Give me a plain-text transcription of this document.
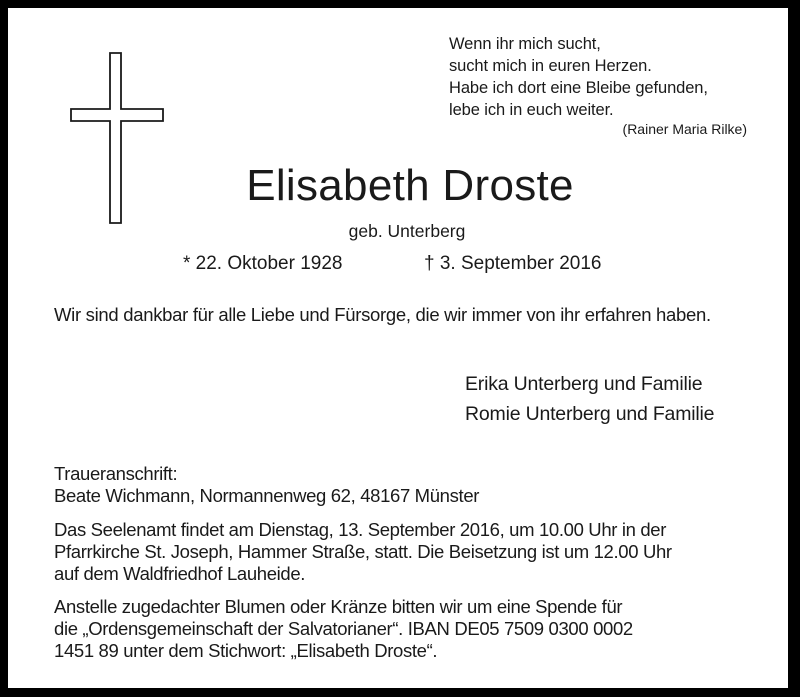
Wenn ihr mich sucht,
sucht mich in euren Herzen.
Habe ich dort eine Bleibe gefunden,
lebe ich in euch weiter.
(Rainer Maria Rilke)
Elisabeth Droste
geb. Unterberg
* 22. Oktober 1928	† 3. September 2016
Wir sind dankbar für alle Liebe und Fürsorge, die wir immer von ihr erfahren haben.
Erika Unterberg und Familie
Romie Unterberg und Familie
Traueranschrift:
Beate Wichmann, Normannenweg 62, 48167 Münster
Das Seelenamt findet am Dienstag, 13. September 2016, um 10.00 Uhr in der
Pfarrkirche St. Joseph, Hammer Straße, statt. Die Beisetzung ist um 12.00 Uhr
auf dem Waldfriedhof Lauheide.
Anstelle zugedachter Blumen oder Kränze bitten wir um eine Spende für
die „Ordensgemeinschaft der Salvatorianer“. IBAN DE05 7509 0300 0002
1451 89 unter dem Stichwort: „Elisabeth Droste“.
